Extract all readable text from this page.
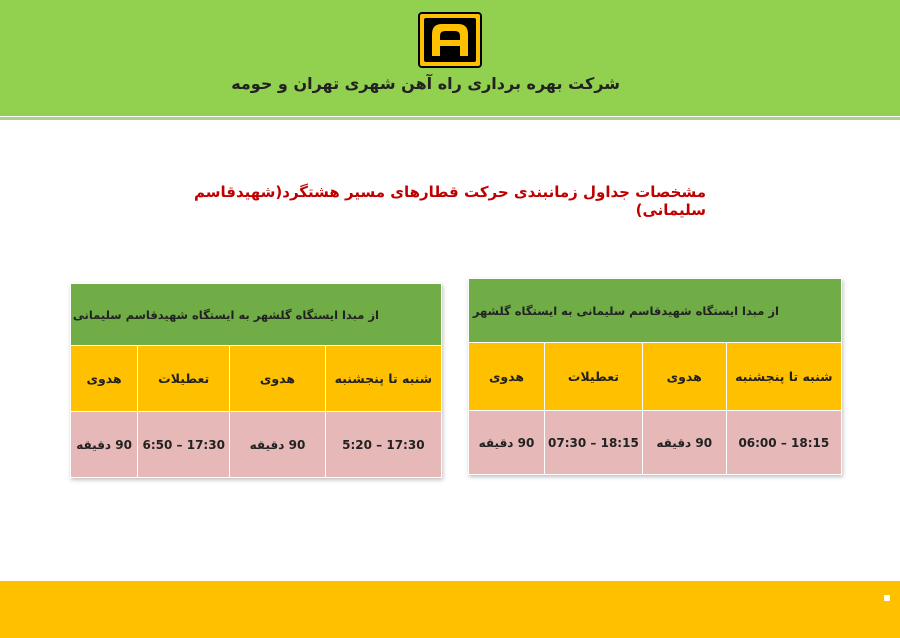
شرکت بهره برداری راه آهن شهری تهران و حومه
مشخصات جداول زمانبندی حرکت قطارهای مسیر هشتگرد(شهیدقاسم سلیمانی)
از مبدا ایستگاه شهیدقاسم سلیمانی به ایستگاه گلشهر			
شنبه تا پنجشنبه	هدوی	تعطیلات	هدوی
18:15 – 06:00	90 دقیقه	18:15 – 07:30	90 دقیقه
از مبدا ایستگاه گلشهر به ایستگاه شهیدقاسم سلیمانی			
شنبه تا پنجشنبه	هدوی	تعطیلات	هدوی
17:30 – 5:20	90 دقیقه	17:30 – 6:50	90 دقیقه
